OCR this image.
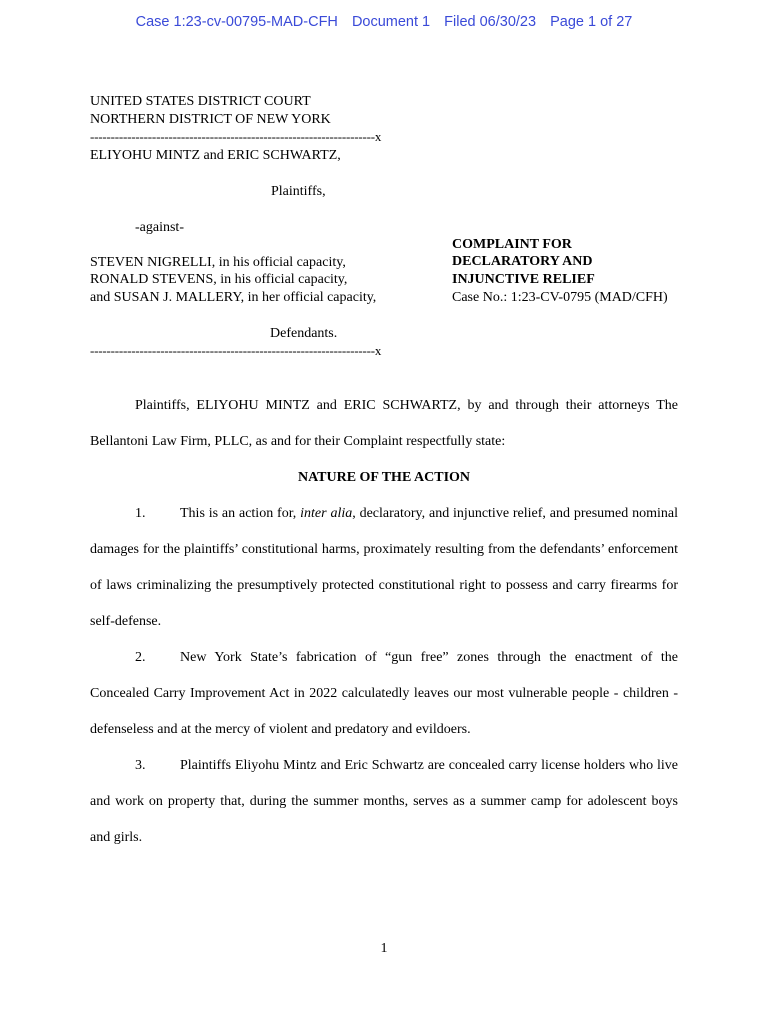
Case 1:23-cv-00795-MAD-CFH Document 1 Filed 06/30/23 Page 1 of 27
UNITED STATES DISTRICT COURT
NORTHERN DISTRICT OF NEW YORK
---------------------------------------------------------------------x
ELIYOHU MINTZ and ERIC SCHWARTZ,
Plaintiffs,
-against-
STEVEN NIGRELLI, in his official capacity,
RONALD STEVENS, in his official capacity,
and SUSAN J. MALLERY, in her official capacity,
Defendants.
---------------------------------------------------------------------x
COMPLAINT FOR
DECLARATORY AND
INJUNCTIVE RELIEF
Case No.: 1:23-CV-0795 (MAD/CFH)

Plaintiffs, ELIYOHU MINTZ and ERIC SCHWARTZ, by and through their attorneys The Bellantoni Law Firm, PLLC, as and for their Complaint respectfully state:

NATURE OF THE ACTION

1. This is an action for, inter alia, declaratory, and injunctive relief, and presumed nominal damages for the plaintiffs’ constitutional harms, proximately resulting from the defendants’ enforcement of laws criminalizing the presumptively protected constitutional right to possess and carry firearms for self-defense.

2. New York State’s fabrication of “gun free” zones through the enactment of the Concealed Carry Improvement Act in 2022 calculatedly leaves our most vulnerable people - children - defenseless and at the mercy of violent and predatory and evildoers.

3. Plaintiffs Eliyohu Mintz and Eric Schwartz are concealed carry license holders who live and work on property that, during the summer months, serves as a summer camp for adolescent boys and girls.

1
